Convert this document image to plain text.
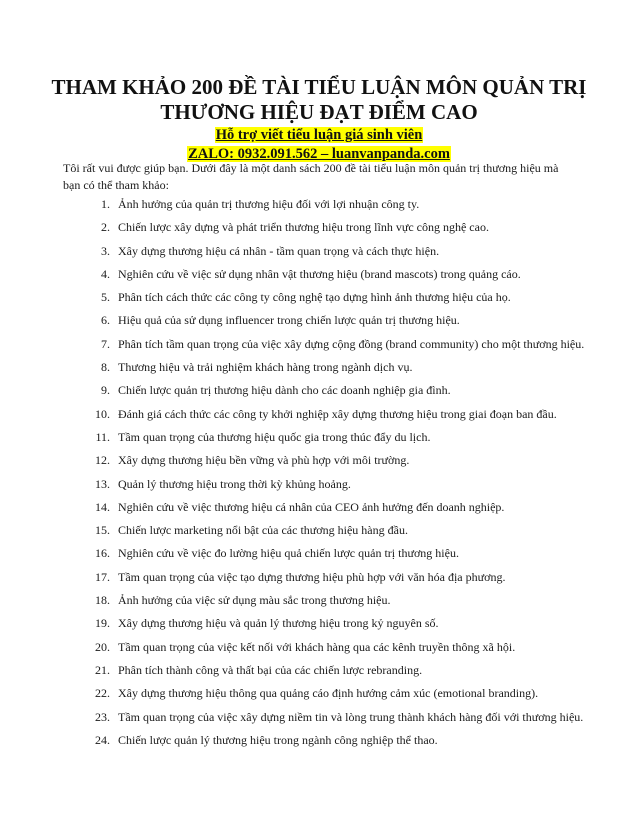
THAM KHẢO 200 ĐỀ TÀI TIỂU LUẬN MÔN QUẢN TRỊ
THƯƠNG HIỆU ĐẠT ĐIỂM CAO
Hỗ trợ viết tiểu luận giá sinh viên
ZALO: 0932.091.562 – luanvanpanda.com
Tôi rất vui được giúp bạn. Dưới đây là một danh sách 200 đề tài tiểu luận môn quản trị thương hiệu mà bạn có thể tham khảo:
1. Ảnh hưởng của quản trị thương hiệu đối với lợi nhuận công ty.
2. Chiến lược xây dựng và phát triển thương hiệu trong lĩnh vực công nghệ cao.
3. Xây dựng thương hiệu cá nhân - tầm quan trọng và cách thực hiện.
4. Nghiên cứu về việc sử dụng nhân vật thương hiệu (brand mascots) trong quảng cáo.
5. Phân tích cách thức các công ty công nghệ tạo dựng hình ảnh thương hiệu của họ.
6. Hiệu quả của sử dụng influencer trong chiến lược quản trị thương hiệu.
7. Phân tích tầm quan trọng của việc xây dựng cộng đồng (brand community) cho một thương hiệu.
8. Thương hiệu và trải nghiệm khách hàng trong ngành dịch vụ.
9. Chiến lược quản trị thương hiệu dành cho các doanh nghiệp gia đình.
10. Đánh giá cách thức các công ty khởi nghiệp xây dựng thương hiệu trong giai đoạn ban đầu.
11. Tầm quan trọng của thương hiệu quốc gia trong thúc đẩy du lịch.
12. Xây dựng thương hiệu bền vững và phù hợp với môi trường.
13. Quản lý thương hiệu trong thời kỳ khủng hoảng.
14. Nghiên cứu về việc thương hiệu cá nhân của CEO ảnh hưởng đến doanh nghiệp.
15. Chiến lược marketing nổi bật của các thương hiệu hàng đầu.
16. Nghiên cứu về việc đo lường hiệu quả chiến lược quản trị thương hiệu.
17. Tầm quan trọng của việc tạo dựng thương hiệu phù hợp với văn hóa địa phương.
18. Ảnh hưởng của việc sử dụng màu sắc trong thương hiệu.
19. Xây dựng thương hiệu và quản lý thương hiệu trong kỷ nguyên số.
20. Tầm quan trọng của việc kết nối với khách hàng qua các kênh truyền thông xã hội.
21. Phân tích thành công và thất bại của các chiến lược rebranding.
22. Xây dựng thương hiệu thông qua quảng cáo định hướng cảm xúc (emotional branding).
23. Tầm quan trọng của việc xây dựng niềm tin và lòng trung thành khách hàng đối với thương hiệu.
24. Chiến lược quản lý thương hiệu trong ngành công nghiệp thể thao.
